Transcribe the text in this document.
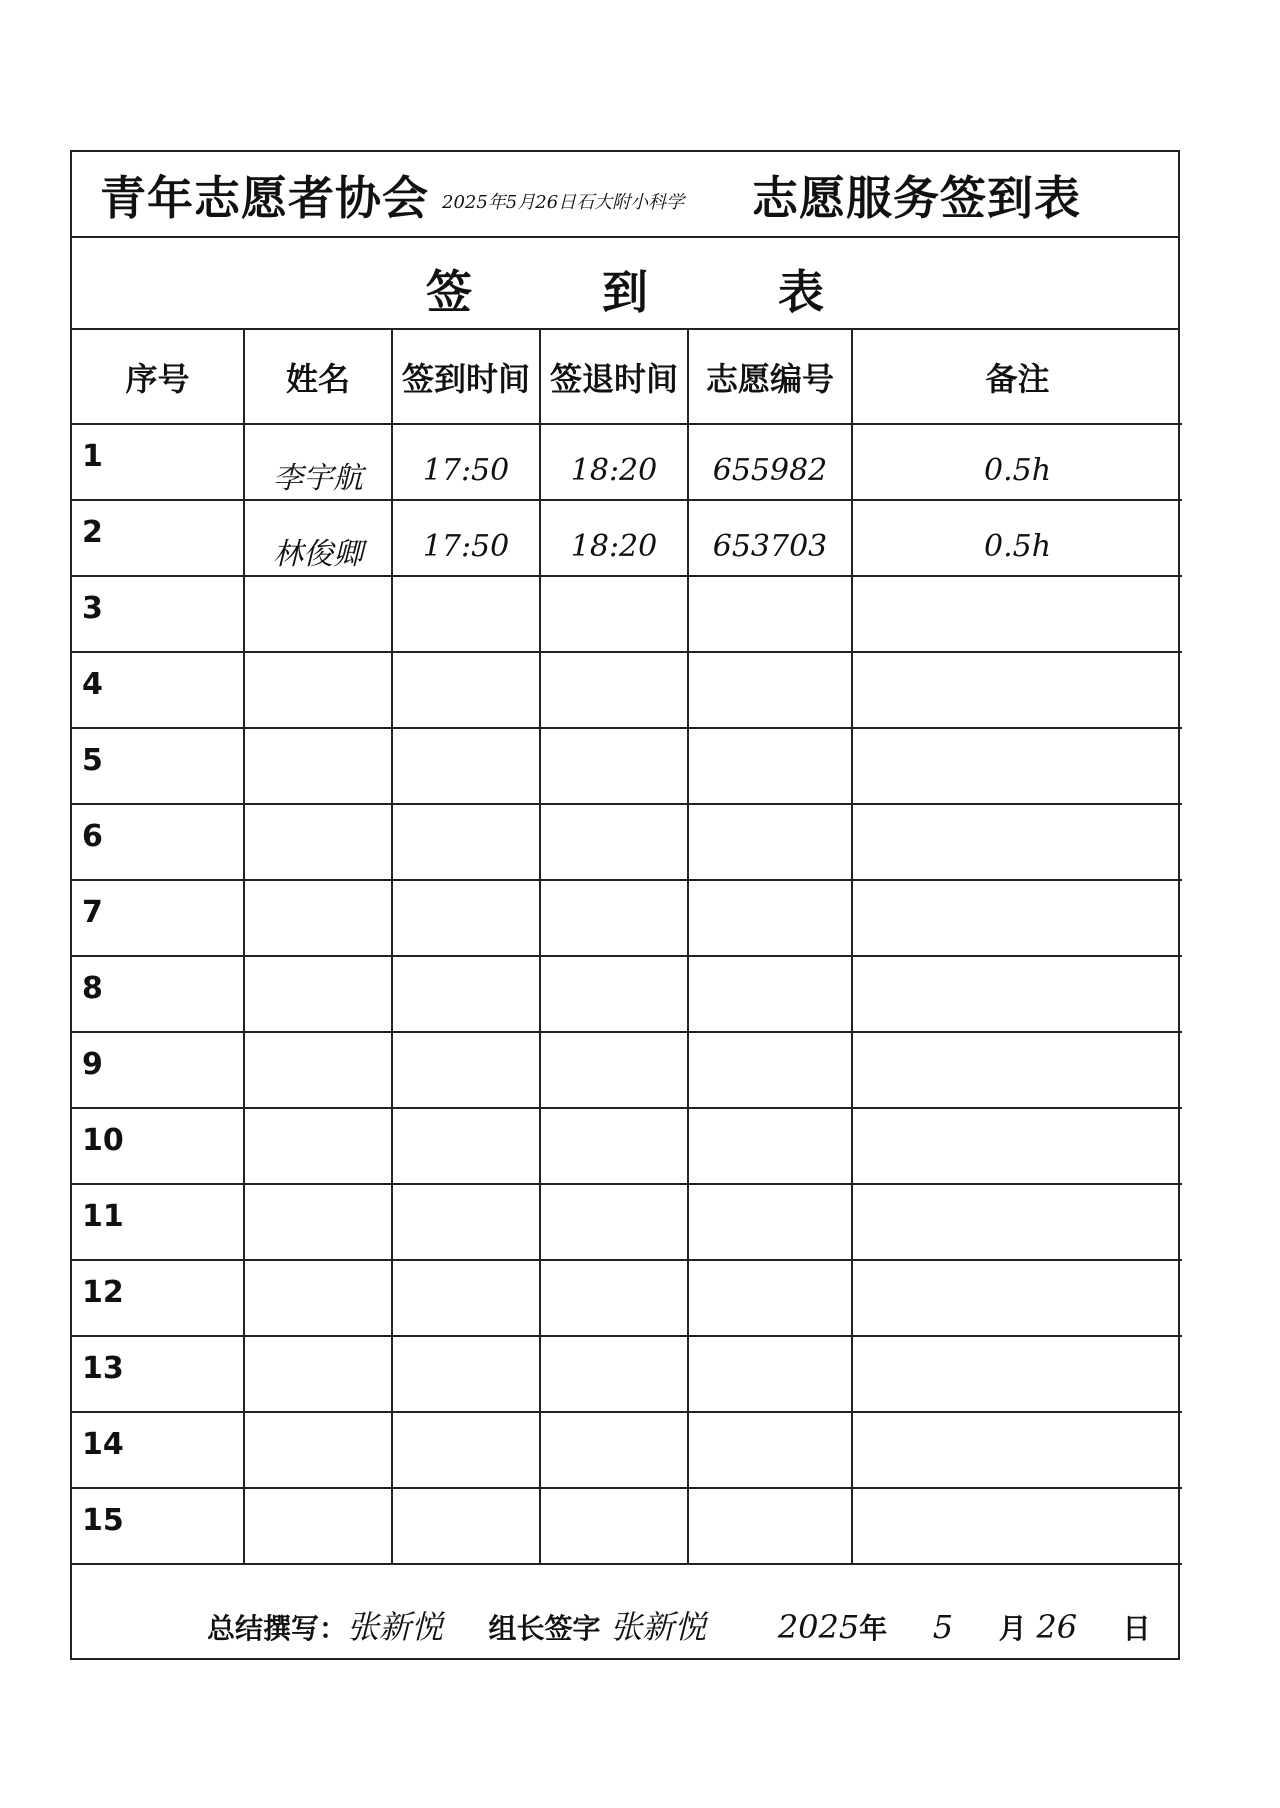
青年志愿者协会 2025年5月26日石大附小科学 志愿服务签到表
签到表
序号	姓名	签到时间	签退时间	志愿编号	备注
1	李宇航	17:50	18:20	655982	0.5h
2	林俊卿	17:50	18:20	653703	0.5h
3					
4					
5					
6					
7					
8					
9					
10					
11					
12					
13					
14					
15					
总结撰写：张新悦 组长签字 张新悦 2025年 5 月 26 日
